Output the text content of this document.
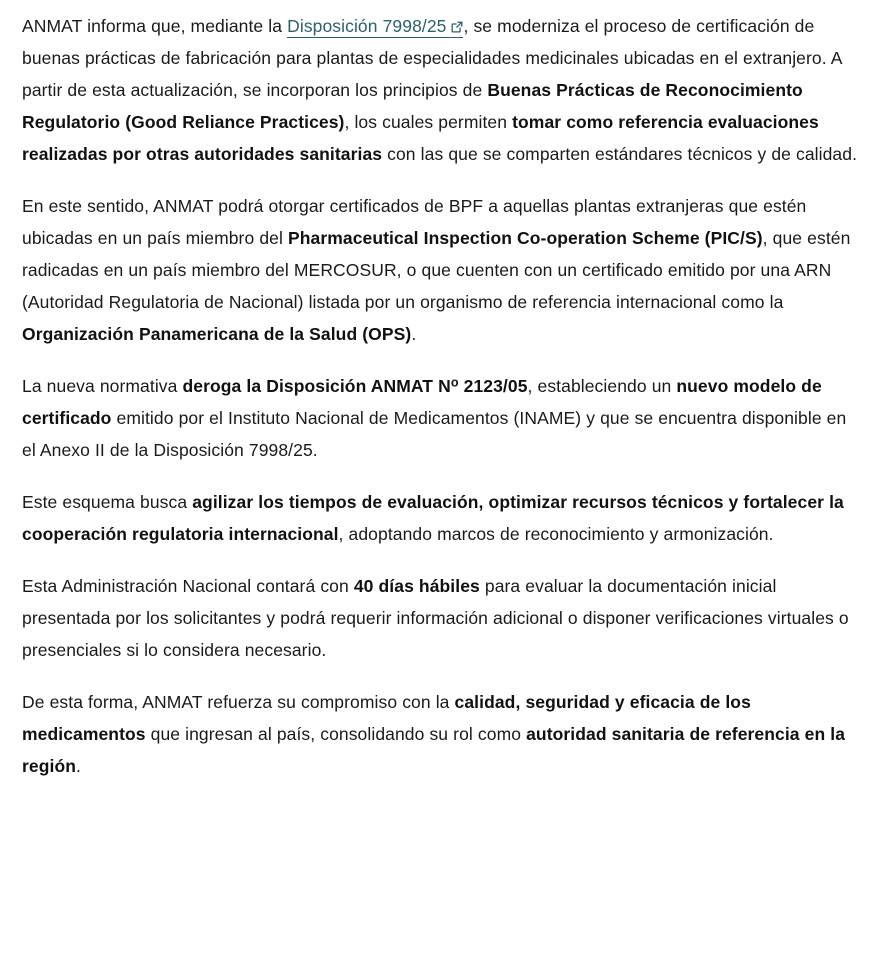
ANMAT informa que, mediante la Disposición 7998/25 , se moderniza el proceso de certificación de buenas prácticas de fabricación para plantas de especialidades medicinales ubicadas en el extranjero. A partir de esta actualización, se incorporan los principios de Buenas Prácticas de Reconocimiento Regulatorio (Good Reliance Practices), los cuales permiten tomar como referencia evaluaciones realizadas por otras autoridades sanitarias con las que se comparten estándares técnicos y de calidad.

En este sentido, ANMAT podrá otorgar certificados de BPF a aquellas plantas extranjeras que estén ubicadas en un país miembro del Pharmaceutical Inspection Co-operation Scheme (PIC/S), que estén radicadas en un país miembro del MERCOSUR, o que cuenten con un certificado emitido por una ARN (Autoridad Regulatoria de Nacional) listada por un organismo de referencia internacional como la Organización Panamericana de la Salud (OPS).

La nueva normativa deroga la Disposición ANMAT $N^o$ 2123/05, estableciendo un nuevo modelo de certificado emitido por el Instituto Nacional de Medicamentos (INAME) y que se encuentra disponible en el Anexo II de la Disposición 7998/25.

Este esquema busca agilizar los tiempos de evaluación, optimizar recursos técnicos y fortalecer la cooperación regulatoria internacional, adoptando marcos de reconocimiento y armonización.

Esta Administración Nacional contará con 40 días hábiles para evaluar la documentación inicial presentada por los solicitantes y podrá requerir información adicional o disponer verificaciones virtuales o presenciales si lo considera necesario.

De esta forma, ANMAT refuerza su compromiso con la calidad, seguridad y eficacia de los medicamentos que ingresan al país, consolidando su rol como autoridad sanitaria de referencia en la región.
